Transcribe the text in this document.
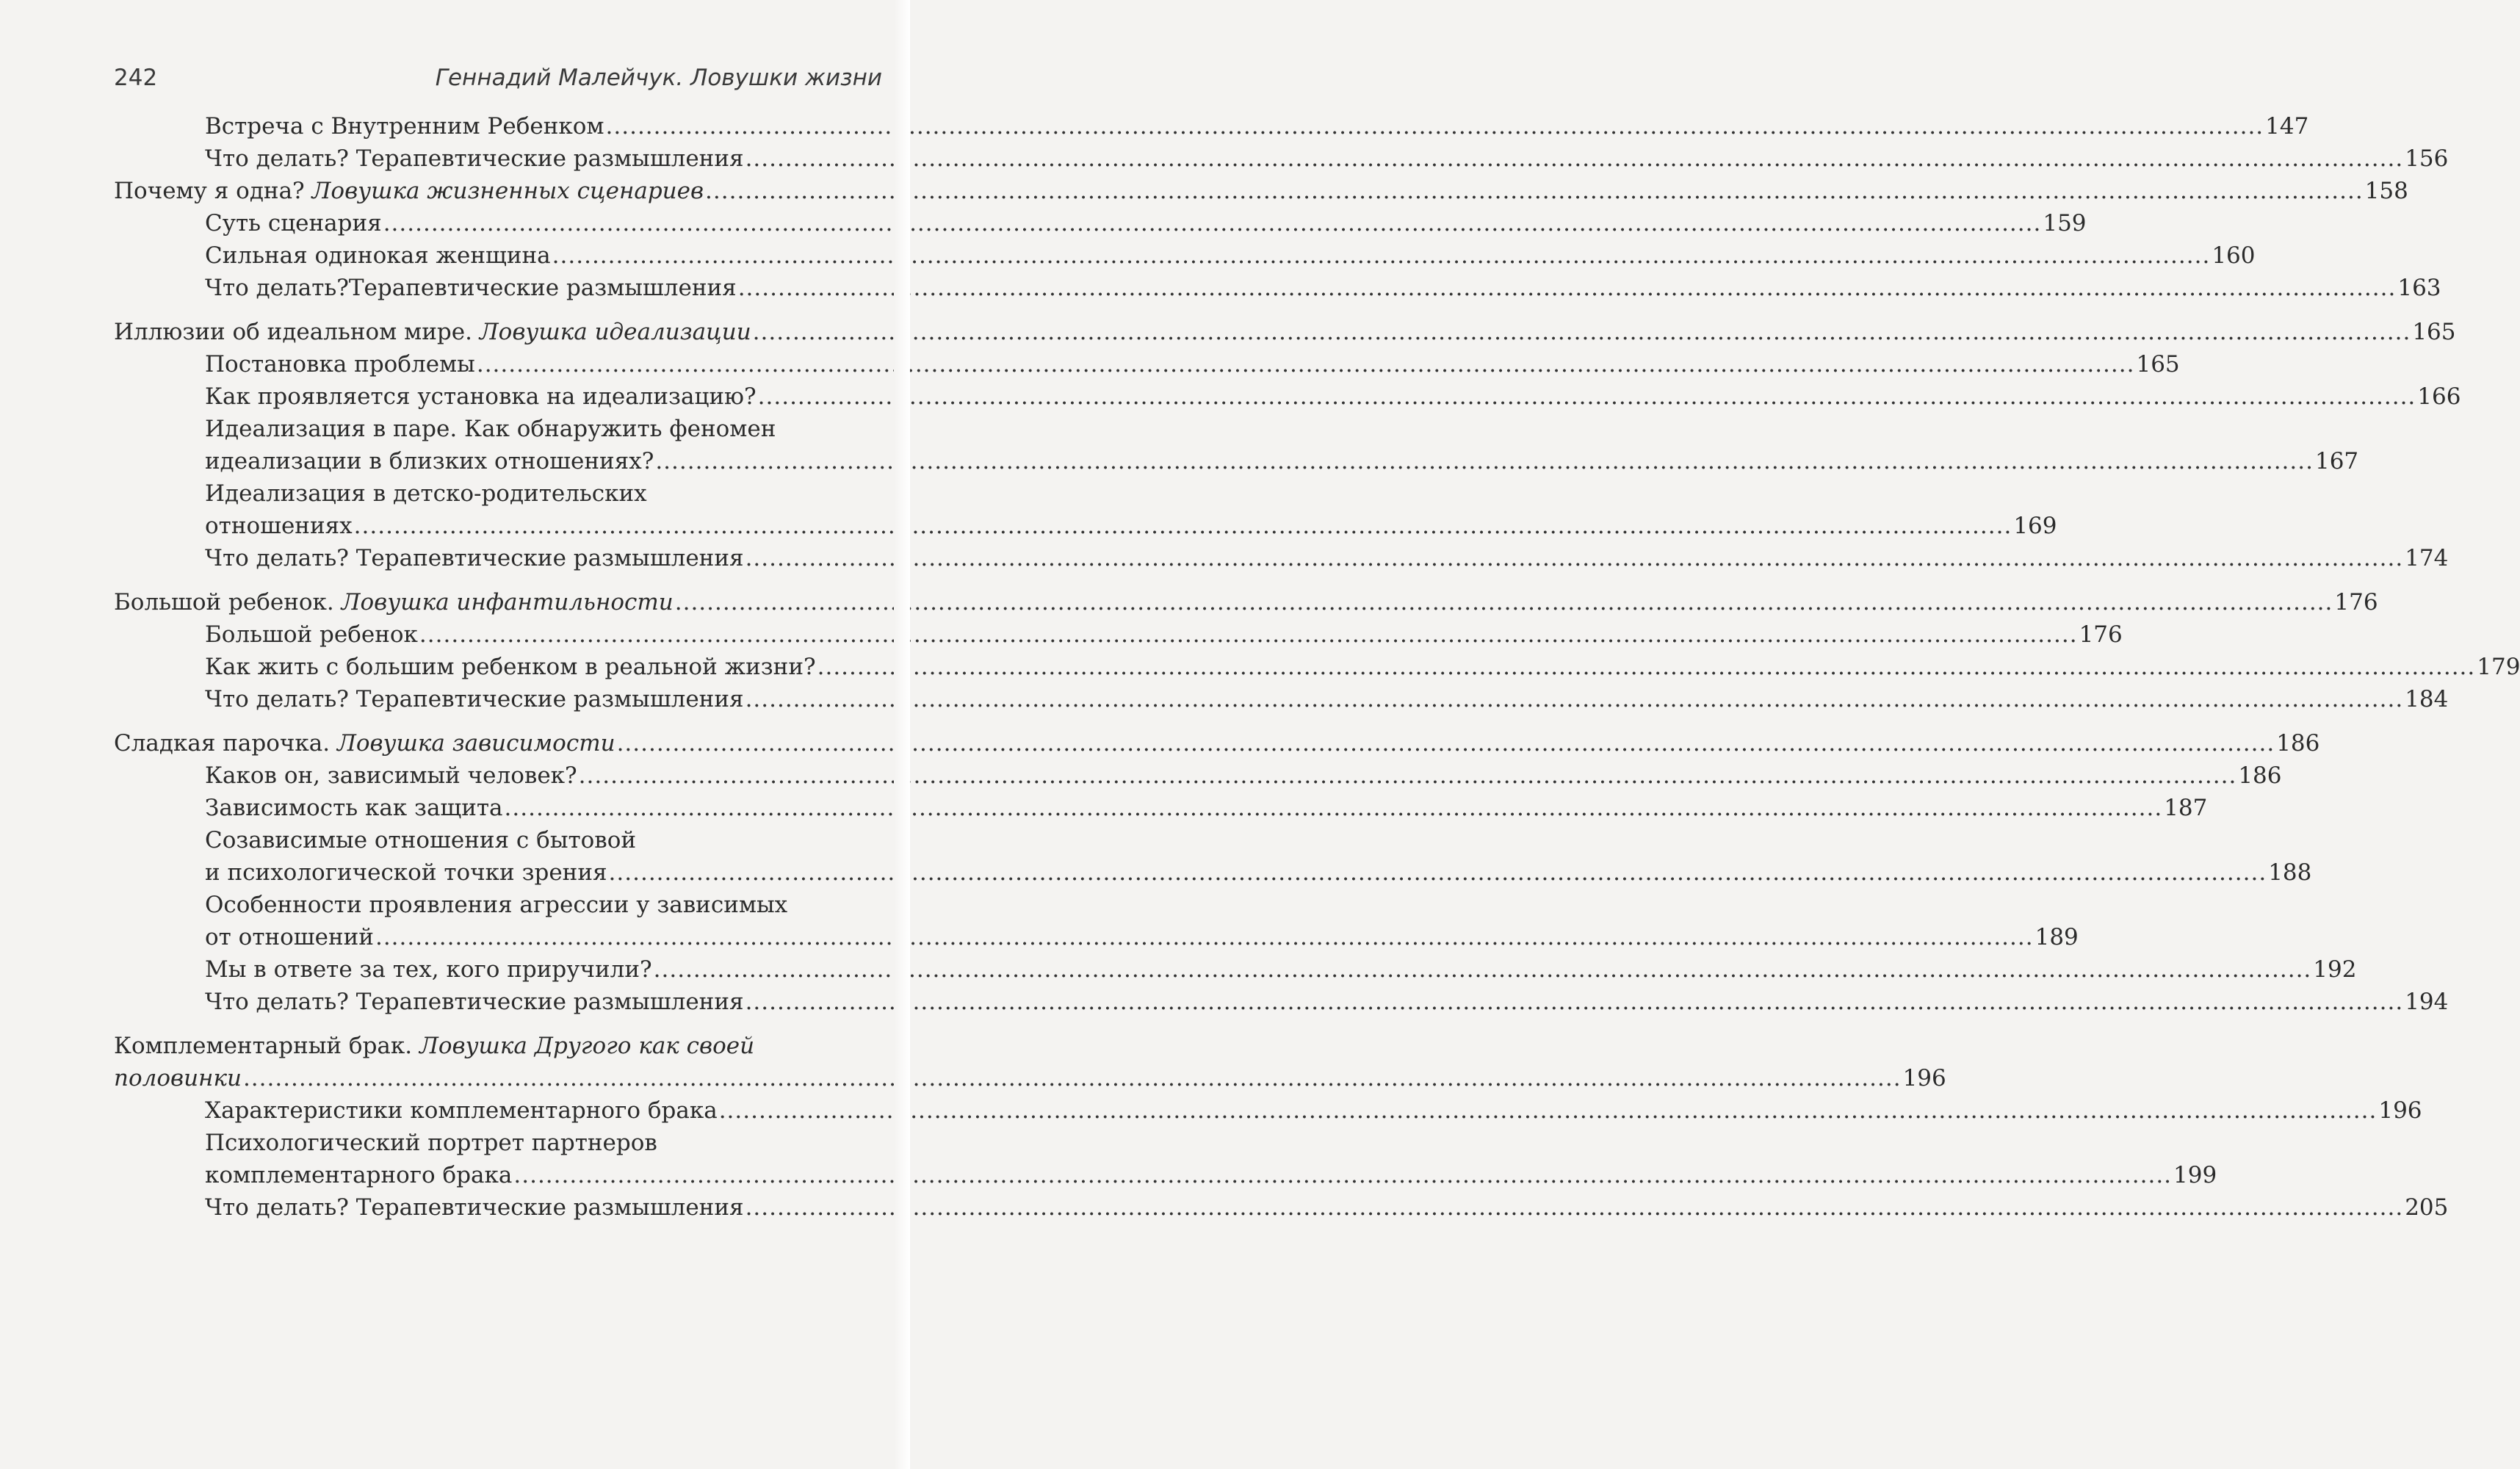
242	Геннадий Малейчук. Ловушки жизни
Встреча с Внутренним Ребенком .....	147
Что делать? Терапевтические размышления .....	156
Почему я одна? Ловушка жизненных сценариев .....	158
Суть сценария .....	159
Сильная одинокая женщина .....	160
Что делать?Терапевтические размышления .....	163
Иллюзии об идеальном мире. Ловушка идеализации .....	165
Постановка проблемы .....	165
Как проявляется установка на идеализацию? .....	166
Идеализация в паре. Как обнаружить феномен
идеализации в близких отношениях? .....	167
Идеализация в детско-родительских
отношениях .....	169
Что делать? Терапевтические размышления .....	174
Большой ребенок. Ловушка инфантильности .....	176
Большой ребенок .....	176
Как жить с большим ребенком в реальной жизни? .....	179
Что делать? Терапевтические размышления .....	184
Сладкая парочка. Ловушка зависимости .....	186
Каков он, зависимый человек? .....	186
Зависимость как защита .....	187
Созависимые отношения с бытовой
и психологической точки зрения .....	188
Особенности проявления агрессии у зависимых
от отношений .....	189
Мы в ответе за тех, кого приручили? .....	192
Что делать? Терапевтические размышления .....	194
Комплементарный брак. Ловушка Другого как своей
половинки .....	196
Характеристики комплементарного брака .....	196
Психологический портрет партнеров
комплементарного брака .....	199
Что делать? Терапевтические размышления .....	205
